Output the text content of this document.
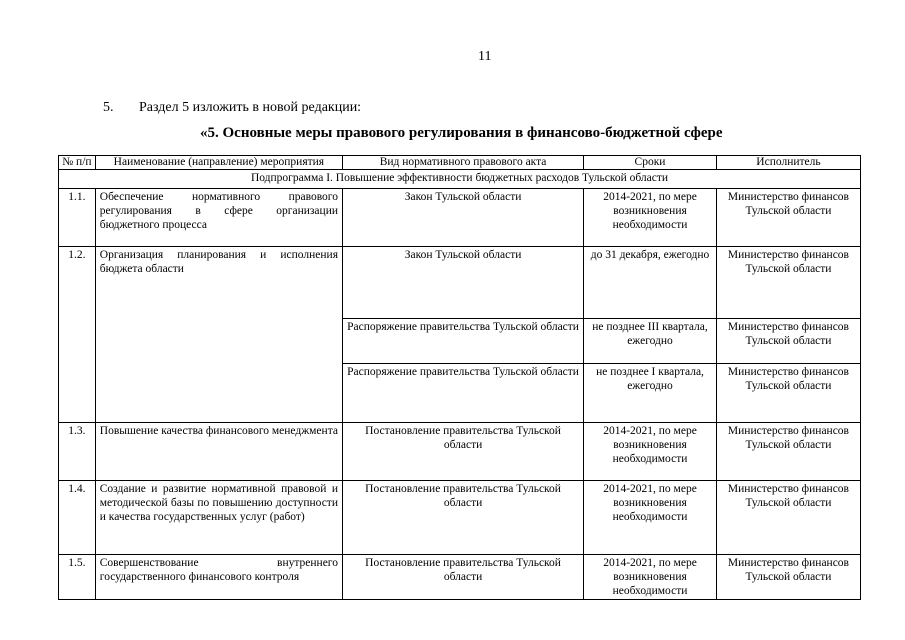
11
5. Раздел 5 изложить в новой редакции:
«5. Основные меры правового регулирования в финансово-бюджетной сфере
№ п/п	Наименование (направление) мероприятия	Вид нормативного правового акта	Сроки	Исполнитель
Подпрограмма I. Повышение эффективности бюджетных расходов Тульской области				
1.1.	Обеспечение нормативного правового регулирования в сфере организации бюджетного процесса	Закон Тульской области	2014-2021, по мере возникновения необходимости	Министерство финансов Тульской области
1.2.	Организация планирования и исполнения бюджета области	Закон Тульской области	до 31 декабря, ежегодно	Министерство финансов Тульской области
		Распоряжение правительства Тульской области	не позднее III квартала, ежегодно	Министерство финансов Тульской области
		Распоряжение правительства Тульской области	не позднее I квартала, ежегодно	Министерство финансов Тульской области
1.3.	Повышение качества финансового менеджмента	Постановление правительства Тульской области	2014-2021, по мере возникновения необходимости	Министерство финансов Тульской области
1.4.	Создание и развитие нормативной правовой и методической базы по повышению доступности и качества государственных услуг (работ)	Постановление правительства Тульской области	2014-2021, по мере возникновения необходимости	Министерство финансов Тульской области
1.5.	Совершенствование внутреннего государственного финансового контроля	Постановление правительства Тульской области	2014-2021, по мере возникновения необходимости	Министерство финансов Тульской области
